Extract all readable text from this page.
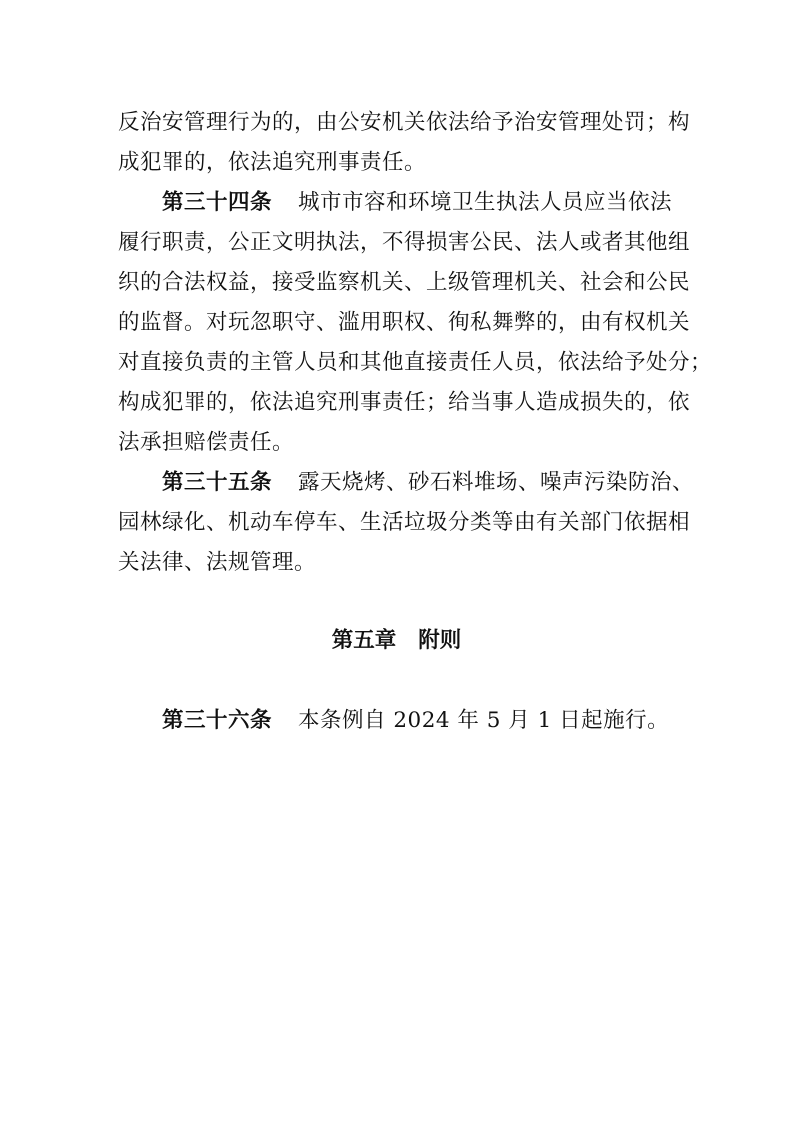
反治安管理行为的，由公安机关依法给予治安管理处罚；构
成犯罪的，依法追究刑事责任。
第三十四条 城市市容和环境卫生执法人员应当依法
履行职责，公正文明执法，不得损害公民、法人或者其他组
织的合法权益，接受监察机关、上级管理机关、社会和公民
的监督。对玩忽职守、滥用职权、徇私舞弊的，由有权机关
对直接负责的主管人员和其他直接责任人员，依法给予处分；
构成犯罪的，依法追究刑事责任；给当事人造成损失的，依
法承担赔偿责任。
第三十五条 露天烧烤、砂石料堆场、噪声污染防治、
园林绿化、机动车停车、生活垃圾分类等由有关部门依据相
关法律、法规管理。
第五章 附则
第三十六条 本条例自 2024 年 5 月 1 日起施行。
